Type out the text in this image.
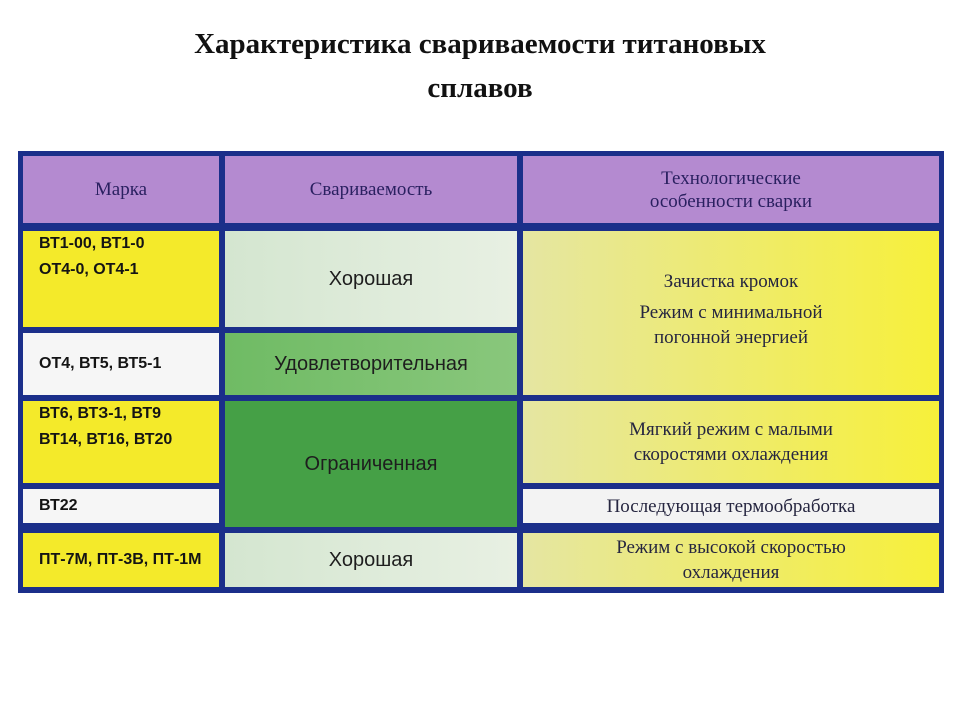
Характеристика свариваемости титановых
сплавов
Марка	Свариваемость
Технологические
особенности сварки
ВТ1-00, ВТ1-0
ОТ4-0, ОТ4-1
ОТ4, ВТ5, ВТ5-1
ВТ6, ВТЗ-1, ВТ9
ВТ14, ВТ16, ВТ20
ВТ22
ПТ-7М, ПТ-3В, ПТ-1М
Хорошая
Удовлетворительная
Ограниченная
Хорошая
Зачистка кромок
Режим с минимальной
погонной энергией
Мягкий режим с малыми
скоростями охлаждения
Последующая термообработка
Режим с высокой скоростью
охлаждения
